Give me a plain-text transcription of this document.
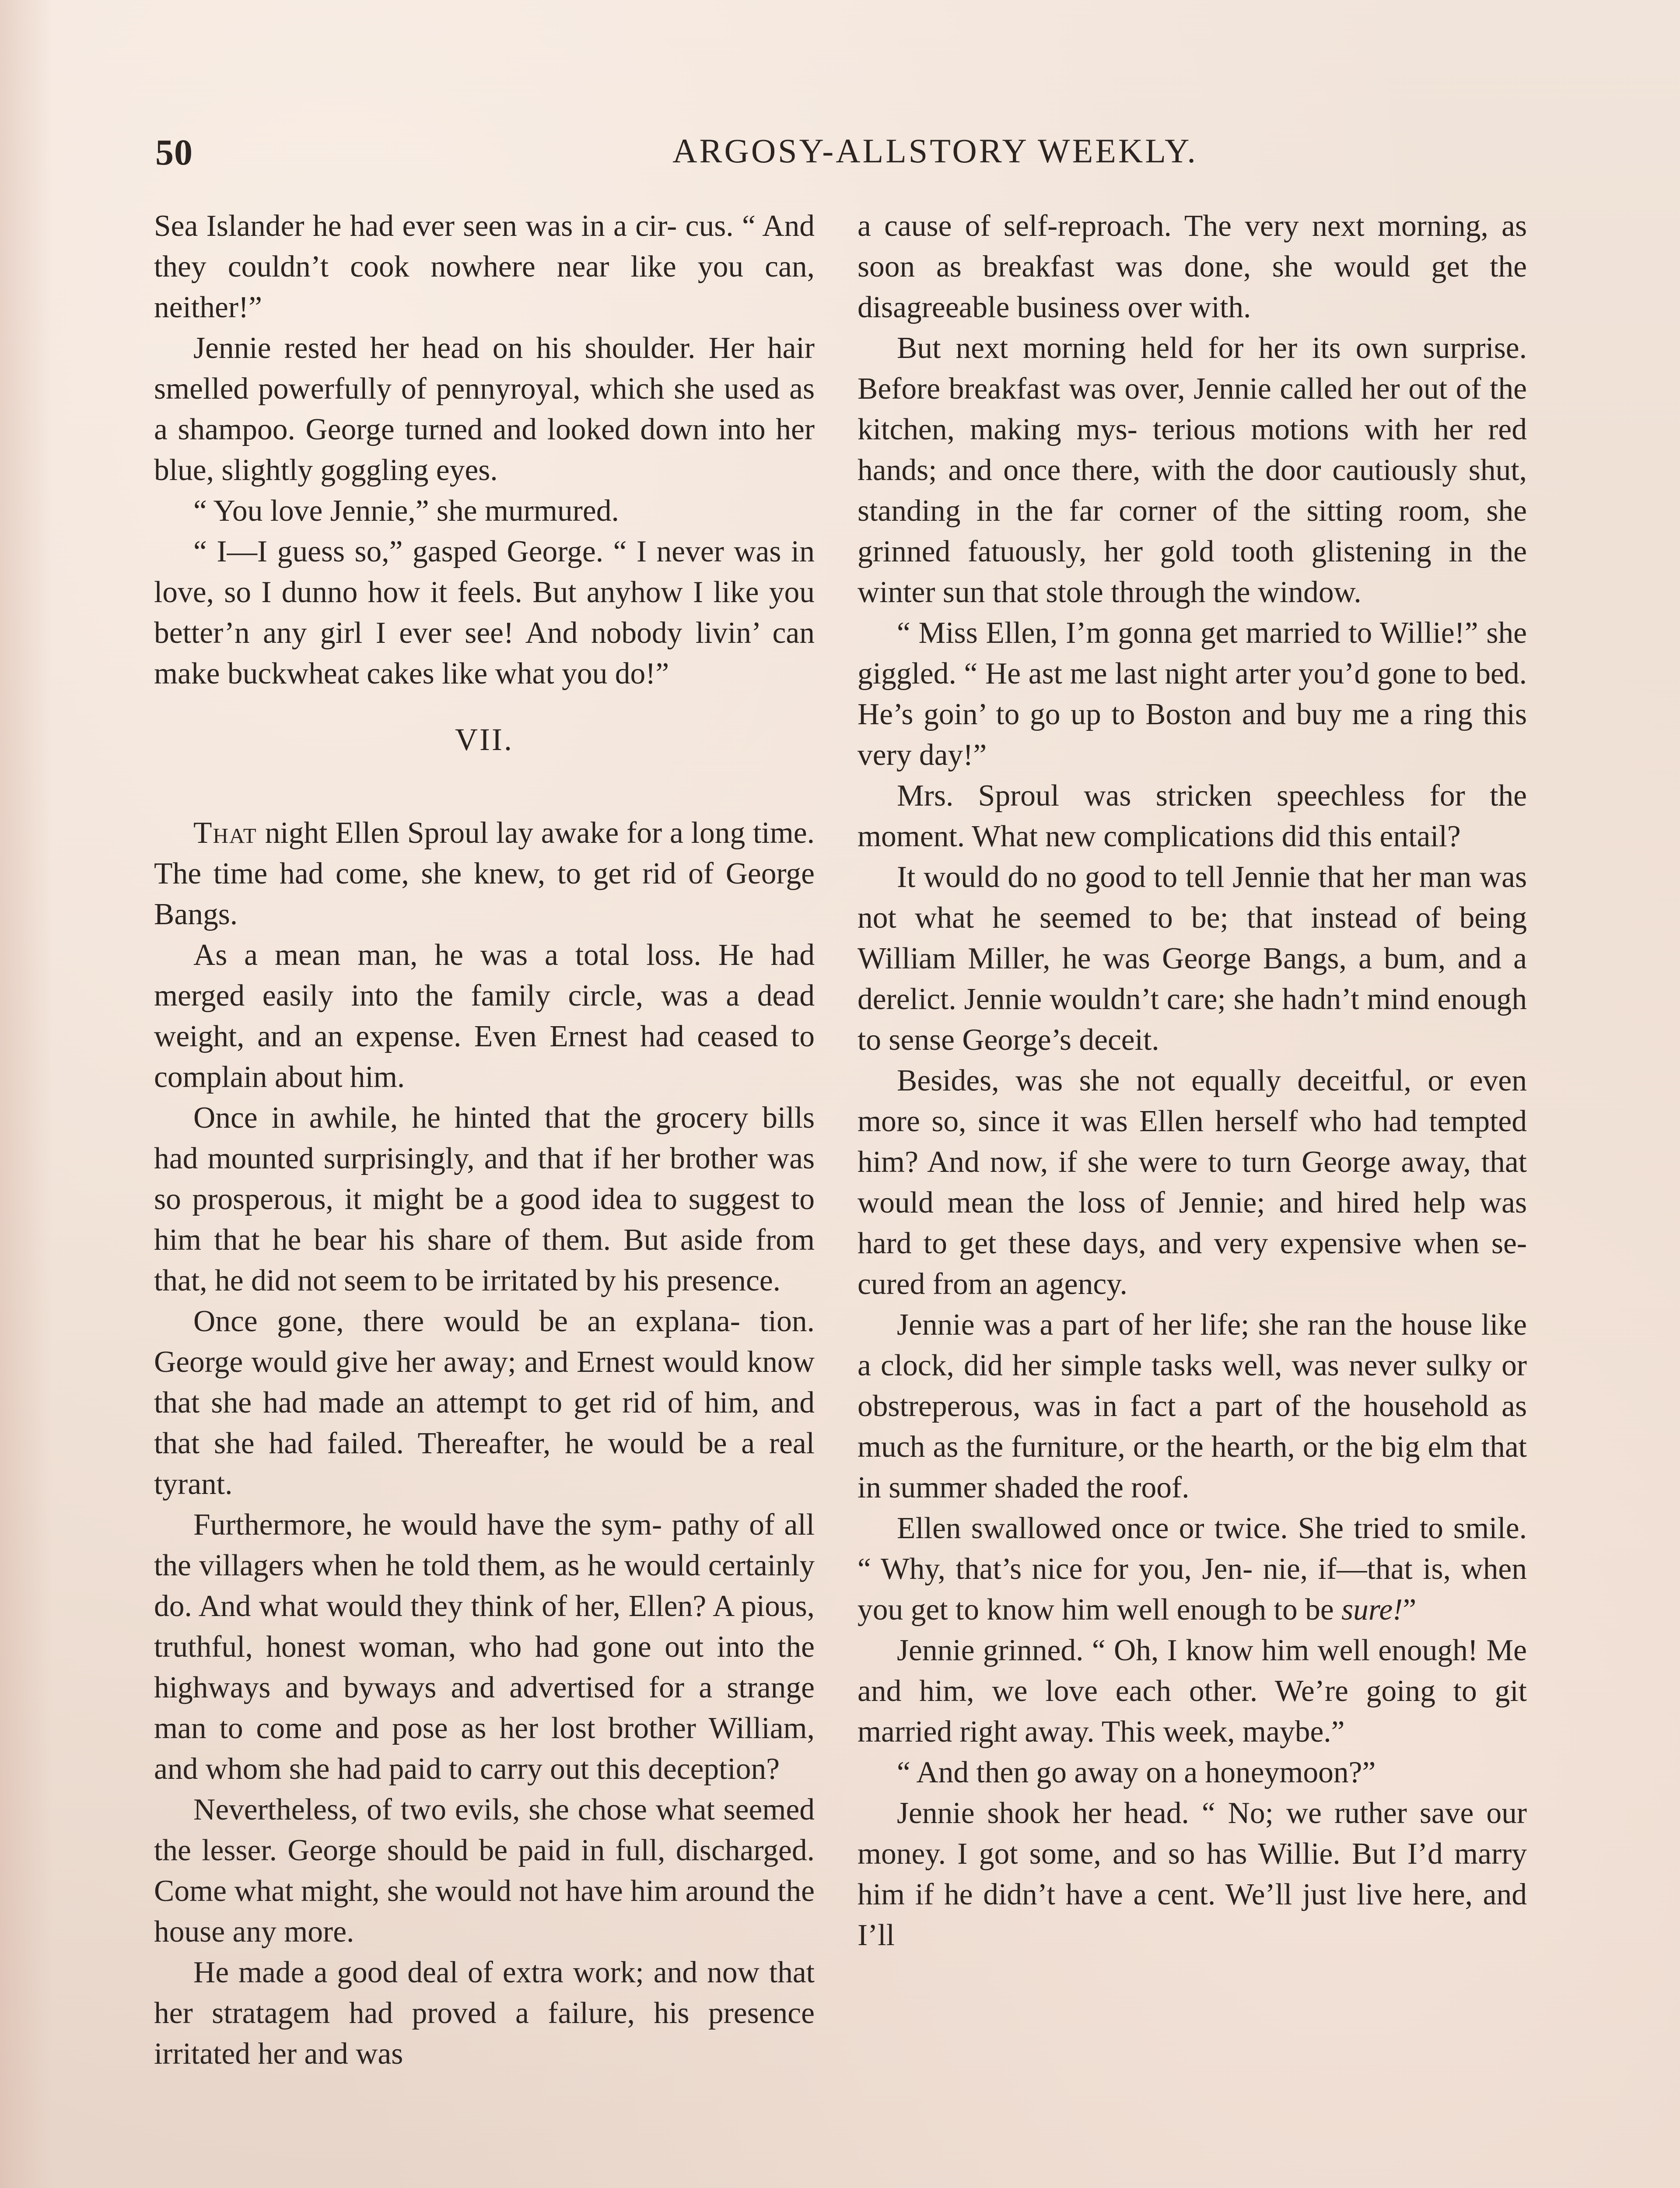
50	ARGOSY-ALLSTORY WEEKLY.

Sea Islander he had ever seen was in a cir- cus. “ And they couldn’t cook nowhere near like you can, neither!”

Jennie rested her head on his shoulder. Her hair smelled powerfully of pennyroyal, which she used as a shampoo. George turned and looked down into her blue, slightly goggling eyes.

“ You love Jennie,” she murmured.

“ I—I guess so,” gasped George. “ I never was in love, so I dunno how it feels. But anyhow I like you better’n any girl I ever see! And nobody livin’ can make buckwheat cakes like what you do!”

VII.

That night Ellen Sproul lay awake for a long time. The time had come, she knew, to get rid of George Bangs.

As a mean man, he was a total loss. He had merged easily into the family circle, was a dead weight, and an expense. Even Ernest had ceased to complain about him.

Once in awhile, he hinted that the grocery bills had mounted surprisingly, and that if her brother was so prosperous, it might be a good idea to suggest to him that he bear his share of them. But aside from that, he did not seem to be irritated by his presence.

Once gone, there would be an explana- tion. George would give her away; and Ernest would know that she had made an attempt to get rid of him, and that she had failed. Thereafter, he would be a real tyrant.

Furthermore, he would have the sym- pathy of all the villagers when he told them, as he would certainly do. And what would they think of her, Ellen? A pious, truthful, honest woman, who had gone out into the highways and byways and advertised for a strange man to come and pose as her lost brother William, and whom she had paid to carry out this deception?

Nevertheless, of two evils, she chose what seemed the lesser. George should be paid in full, discharged. Come what might, she would not have him around the house any more.

He made a good deal of extra work; and now that her stratagem had proved a failure, his presence irritated her and was

a cause of self-reproach. The very next morning, as soon as breakfast was done, she would get the disagreeable business over with.

But next morning held for her its own surprise. Before breakfast was over, Jennie called her out of the kitchen, making mys- terious motions with her red hands; and once there, with the door cautiously shut, standing in the far corner of the sitting room, she grinned fatuously, her gold tooth glistening in the winter sun that stole through the window.

“ Miss Ellen, I’m gonna get married to Willie!” she giggled. “ He ast me last night arter you’d gone to bed. He’s goin’ to go up to Boston and buy me a ring this very day!”

Mrs. Sproul was stricken speechless for the moment. What new complications did this entail?

It would do no good to tell Jennie that her man was not what he seemed to be; that instead of being William Miller, he was George Bangs, a bum, and a derelict. Jennie wouldn’t care; she hadn’t mind enough to sense George’s deceit.

Besides, was she not equally deceitful, or even more so, since it was Ellen herself who had tempted him? And now, if she were to turn George away, that would mean the loss of Jennie; and hired help was hard to get these days, and very expensive when se- cured from an agency.

Jennie was a part of her life; she ran the house like a clock, did her simple tasks well, was never sulky or obstreperous, was in fact a part of the household as much as the furniture, or the hearth, or the big elm that in summer shaded the roof.

Ellen swallowed once or twice. She tried to smile. “ Why, that’s nice for you, Jen- nie, if—that is, when you get to know him well enough to be sure!”

Jennie grinned. “ Oh, I know him well enough! Me and him, we love each other. We’re going to git married right away. This week, maybe.”

“ And then go away on a honeymoon?”

Jennie shook her head. “ No; we ruther save our money. I got some, and so has Willie. But I’d marry him if he didn’t have a cent. We’ll just live here, and I’ll
